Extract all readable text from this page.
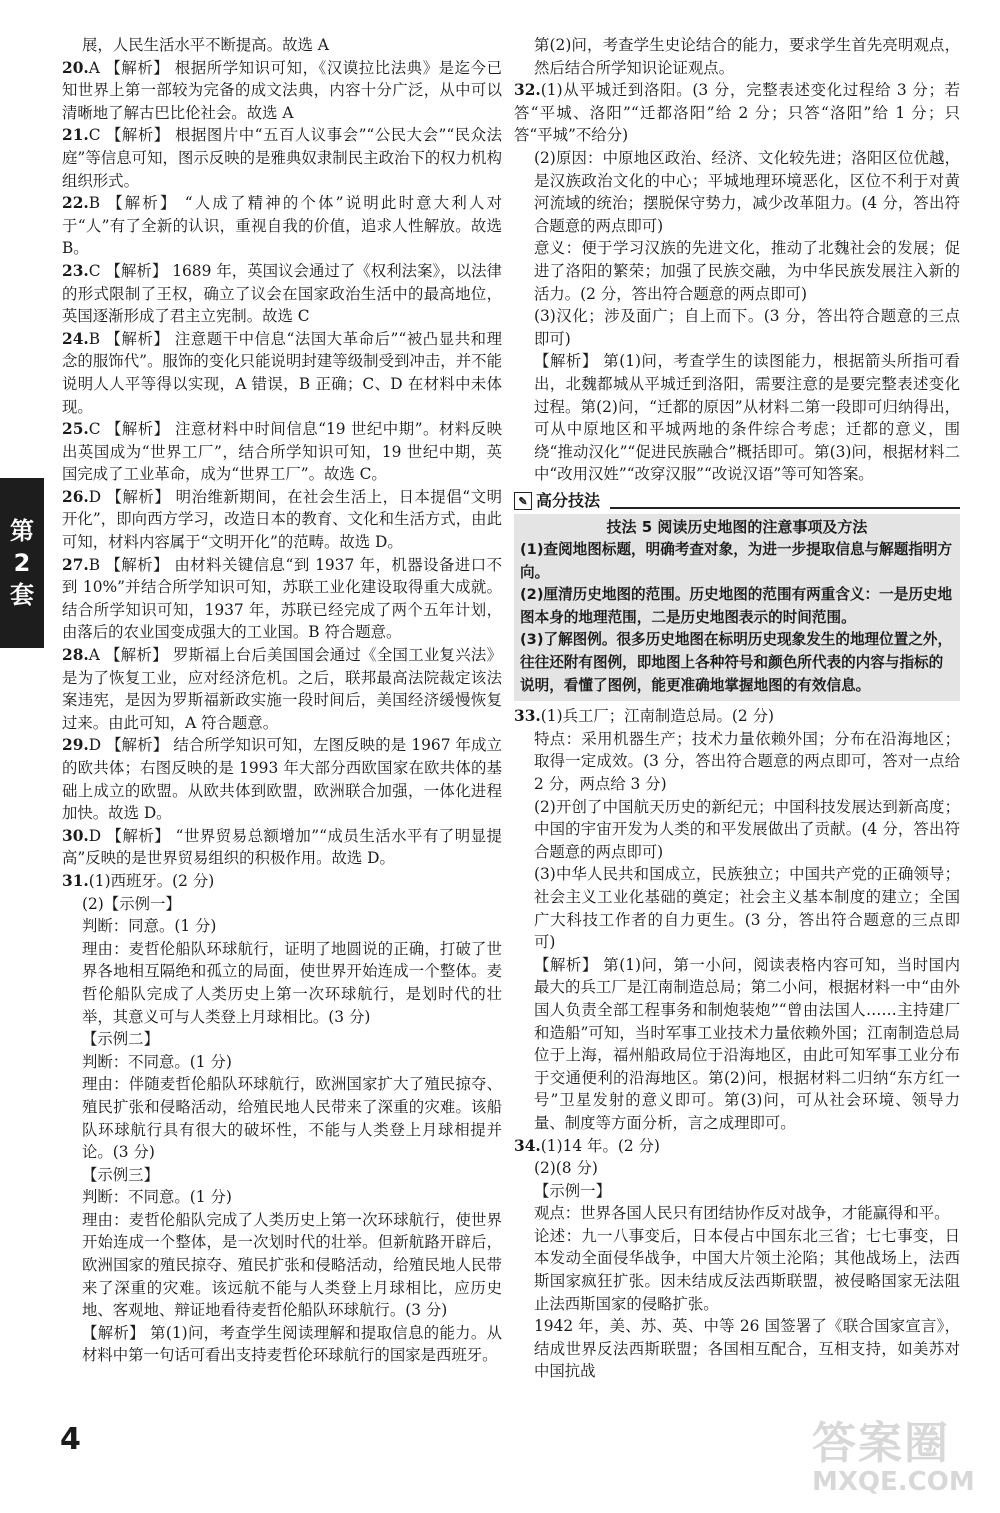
展，人民生活水平不断提高。故选 A

20.A 【解析】 根据所学知识可知，《汉谟拉比法典》是迄今已知世界上第一部较为完备的成文法典，内容十分广泛，从中可以清晰地了解古巴比伦社会。故选 A

21.C 【解析】 根据图片中“五百人议事会”“公民大会”“民众法庭”等信息可知，图示反映的是雅典奴隶制民主政治下的权力机构组织形式。

22.B 【解析】 “人成了精神的个体”说明此时意大利人对于“人”有了全新的认识，重视自我的价值，追求人性解放。故选 B。

23.C 【解析】 1689 年，英国议会通过了《权利法案》，以法律的形式限制了王权，确立了议会在国家政治生活中的最高地位，英国逐渐形成了君主立宪制。故选 C

24.B 【解析】 注意题干中信息“法国大革命后”“被凸显共和理念的服饰代”。服饰的变化只能说明封建等级制受到冲击，并不能说明人人平等得以实现，A 错误，B 正确；C、D 在材料中未体现。

25.C 【解析】 注意材料中时间信息“19 世纪中期”。材料反映出英国成为“世界工厂”，结合所学知识可知，19 世纪中期，英国完成了工业革命，成为“世界工厂”。故选 C。

26.D 【解析】 明治维新期间，在社会生活上，日本提倡“文明开化”，即向西方学习，改造日本的教育、文化和生活方式，由此可知，材料内容属于“文明开化”的范畴。故选 D。

27.B 【解析】 由材料关键信息“到 1937 年，机器设备进口不到 10%”并结合所学知识可知，苏联工业化建设取得重大成就。结合所学知识可知，1937 年，苏联已经完成了两个五年计划，由落后的农业国变成强大的工业国。B 符合题意。

28.A 【解析】 罗斯福上台后美国国会通过《全国工业复兴法》是为了恢复工业，应对经济危机。之后，联邦最高法院裁定该法案违宪，是因为罗斯福新政实施一段时间后，美国经济缓慢恢复过来。由此可知，A 符合题意。

29.D 【解析】 结合所学知识可知，左图反映的是 1967 年成立的欧共体；右图反映的是 1993 年大部分西欧国家在欧共体的基础上成立的欧盟。从欧共体到欧盟，欧洲联合加强，一体化进程加快。故选 D。

30.D 【解析】 “世界贸易总额增加”“成员生活水平有了明显提高”反映的是世界贸易组织的积极作用。故选 D。

31.(1)西班牙。(2 分)

(2)【示例一】

判断：同意。(1 分)

理由：麦哲伦船队环球航行，证明了地圆说的正确，打破了世界各地相互隔绝和孤立的局面，使世界开始连成一个整体。麦哲伦船队完成了人类历史上第一次环球航行，是划时代的壮举，其意义可与人类登上月球相比。(3 分)

【示例二】

判断：不同意。(1 分)

理由：伴随麦哲伦船队环球航行，欧洲国家扩大了殖民掠夺、殖民扩张和侵略活动，给殖民地人民带来了深重的灾难。该船队环球航行具有很大的破坏性，不能与人类登上月球相提并论。(3 分)

【示例三】

判断：不同意。(1 分)

理由：麦哲伦船队完成了人类历史上第一次环球航行，使世界开始连成一个整体，是一次划时代的壮举。但新航路开辟后，欧洲国家的殖民掠夺、殖民扩张和侵略活动，给殖民地人民带来了深重的灾难。该远航不能与人类登上月球相比，应历史地、客观地、辩证地看待麦哲伦船队环球航行。(3 分)

【解析】 第(1)问，考查学生阅读理解和提取信息的能力。从材料中第一句话可看出支持麦哲伦环球航行的国家是西班牙。

第(2)问，考查学生史论结合的能力，要求学生首先亮明观点，然后结合所学知识论证观点。

32.(1)从平城迁到洛阳。(3 分，完整表述变化过程给 3 分；若答“平城、洛阳”“迁都洛阳”给 2 分；只答“洛阳”给 1 分；只答“平城”不给分)

(2)原因：中原地区政治、经济、文化较先进；洛阳区位优越，是汉族政治文化的中心；平城地理环境恶化，区位不利于对黄河流域的统治；摆脱保守势力，减少改革阻力。(4 分，答出符合题意的两点即可)

意义：便于学习汉族的先进文化，推动了北魏社会的发展；促进了洛阳的繁荣；加强了民族交融，为中华民族发展注入新的活力。(2 分，答出符合题意的两点即可)

(3)汉化；涉及面广；自上而下。(3 分，答出符合题意的三点即可)

【解析】 第(1)问，考查学生的读图能力，根据箭头所指可看出，北魏都城从平城迁到洛阳，需要注意的是要完整表述变化过程。第(2)问，“迁都的原因”从材料二第一段即可归纳得出，可从中原地区和平城两地的条件综合考虑；迁都的意义，围绕“推动汉化”“促进民族融合”概括即可。第(3)问，根据材料二中“改用汉姓”“改穿汉服”“改说汉语”等可知答案。

✎ 高分技法
技法 5 阅读历史地图的注意事项及方法
(1)查阅地图标题，明确考查对象，为进一步提取信息与解题指明方向。
(2)厘清历史地图的范围。历史地图的范围有两重含义：一是历史地图本身的地理范围，二是历史地图表示的时间范围。
(3)了解图例。很多历史地图在标明历史现象发生的地理位置之外，往往还附有图例，即地图上各种符号和颜色所代表的内容与指标的说明，看懂了图例，能更准确地掌握地图的有效信息。

33.(1)兵工厂；江南制造总局。(2 分)

特点：采用机器生产；技术力量依赖外国；分布在沿海地区；取得一定成效。(3 分，答出符合题意的两点即可，答对一点给 2 分，两点给 3 分)

(2)开创了中国航天历史的新纪元；中国科技发展达到新高度；中国的宇宙开发为人类的和平发展做出了贡献。(4 分，答出符合题意的两点即可)

(3)中华人民共和国成立，民族独立；中国共产党的正确领导；社会主义工业化基础的奠定；社会主义基本制度的建立；全国广大科技工作者的自力更生。(3 分，答出符合题意的三点即可)

【解析】 第(1)问，第一小问，阅读表格内容可知，当时国内最大的兵工厂是江南制造总局；第二小问，根据材料一中“由外国人负责全部工程事务和制炮装炮”“曾由法国人……主持建厂和造船”可知，当时军事工业技术力量依赖外国；江南制造总局位于上海，福州船政局位于沿海地区，由此可知军事工业分布于交通便利的沿海地区。第(2)问，根据材料二归纳“东方红一号”卫星发射的意义即可。第(3)问，可从社会环境、领导力量、制度等方面分析，言之成理即可。

34.(1)14 年。(2 分)

(2)(8 分)

【示例一】

观点：世界各国人民只有团结协作反对战争，才能赢得和平。

论述：九一八事变后，日本侵占中国东北三省；七七事变，日本发动全面侵华战争，中国大片领土沦陷；其他战场上，法西斯国家疯狂扩张。因未结成反法西斯联盟，被侵略国家无法阻止法西斯国家的侵略扩张。

1942 年，美、苏、英、中等 26 国签署了《联合国家宣言》，结成世界反法西斯联盟；各国相互配合，互相支持，如美苏对中国抗战

第
2
套
4	答案圈
MXQE.COM
